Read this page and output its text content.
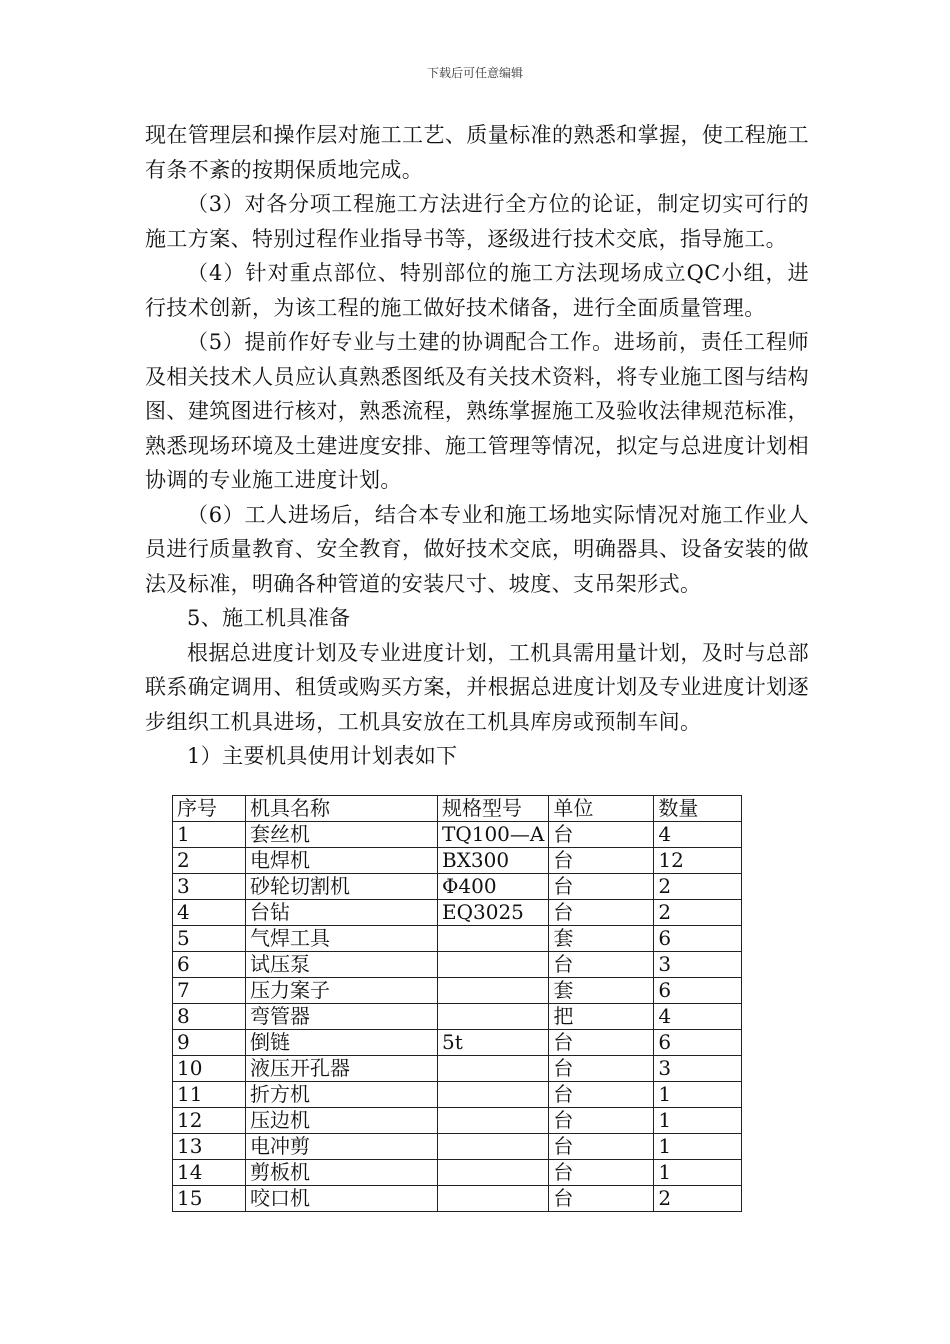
下载后可任意编辑

现在管理层和操作层对施工工艺、质量标准的熟悉和掌握，使工程施工有条不紊的按期保质地完成。

（3）对各分项工程施工方法进行全方位的论证，制定切实可行的施工方案、特别过程作业指导书等，逐级进行技术交底，指导施工。

（4）针对重点部位、特别部位的施工方法现场成立QC小组，进行技术创新，为该工程的施工做好技术储备，进行全面质量管理。

（5）提前作好专业与土建的协调配合工作。进场前，责任工程师及相关技术人员应认真熟悉图纸及有关技术资料，将专业施工图与结构图、建筑图进行核对，熟悉流程，熟练掌握施工及验收法律规范标准，熟悉现场环境及土建进度安排、施工管理等情况，拟定与总进度计划相协调的专业施工进度计划。

（6）工人进场后，结合本专业和施工场地实际情况对施工作业人员进行质量教育、安全教育，做好技术交底，明确器具、设备安装的做法及标准，明确各种管道的安装尺寸、坡度、支吊架形式。

5、施工机具准备

根据总进度计划及专业进度计划，工机具需用量计划，及时与总部联系确定调用、租赁或购买方案，并根据总进度计划及专业进度计划逐步组织工机具进场，工机具安放在工机具库房或预制车间。

1）主要机具使用计划表如下

序号	机具名称	规格型号	单位	数量
1	套丝机	TQ100—A	台	4
2	电焊机	BX300	台	12
3	砂轮切割机	Φ400	台	2
4	台钻	EQ3025	台	2
5	气焊工具		套	6
6	试压泵		台	3
7	压力案子		套	6
8	弯管器		把	4
9	倒链	5t	台	6
10	液压开孔器		台	3
11	折方机		台	1
12	压边机		台	1
13	电冲剪		台	1
14	剪板机		台	1
15	咬口机		台	2
